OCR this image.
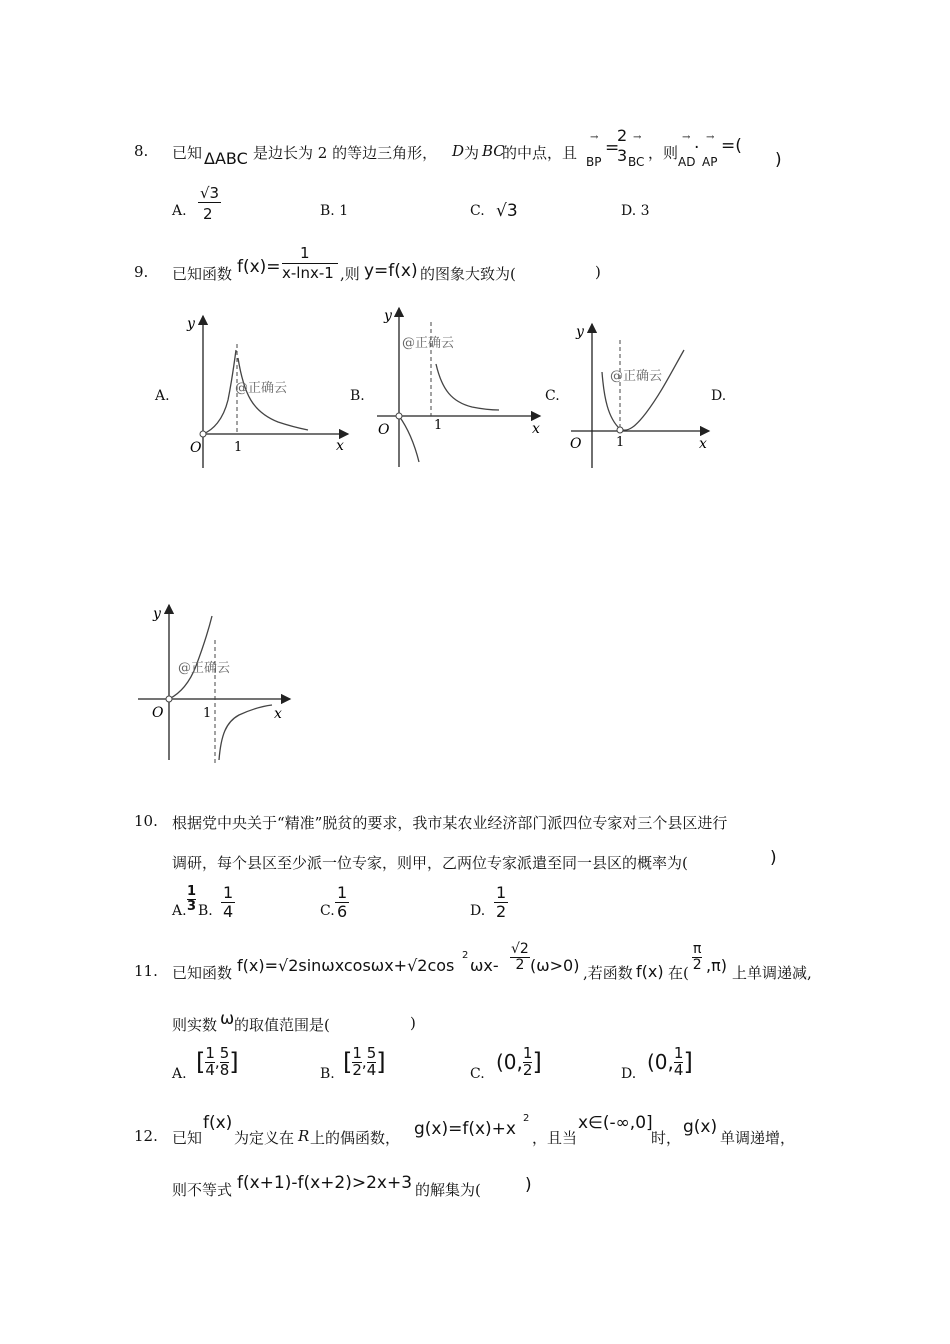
8. 已知 ΔABC 是边长为 2 的等边三角形， D 为 BC
的中点，且
→
BP
=
2
3
→
BC ，则
→
AD
·
→
AP
=(
)
A.
√3
2	B. 1	C. √3	D. 3
9. 已知函数 f(x)=
1
x-lnx-1 ,则 y=f(x) 的图象大致为(	)
A.	B.	C.	D.
O	1	x
y
@正确云
O	1	x
y
@正确云
O	1	x
y
@正确云
O	1	x
y
@正确云
10. 根据党中央关于“精准”脱贫的要求，我市某农业经济部门派四位专家对三个县区进行
调研，每个县区至少派一位专家，则甲，乙两位专家派遣至同一县区的概率为(	)
A.
1
3 B.
1
4	C.
1
6	D.
1
2
11. 已知函数 f(x)=√2sinωxcosωx+√2cos
2
ωx-
√2
2 (ω>0) ,若函数 f(x) 在(
π
2 ,π) 上单调递减,
则实数 ω 的取值范围是(	)
A. [ 1
4 ,
5
8 ]	B. [ 1
2 ,
5
4 ]	C. (0, 1
2 ]	D. (0, 1
4 ]
12. 已知
f(x)
为定义在 R 上的偶函数， g(x)=f(x)+x
2
，且当
x∈(-∞,0]
时，
g(x)
单调递增，
则不等式 f(x+1)-f(x+2)>2x+3 的解集为(	)
